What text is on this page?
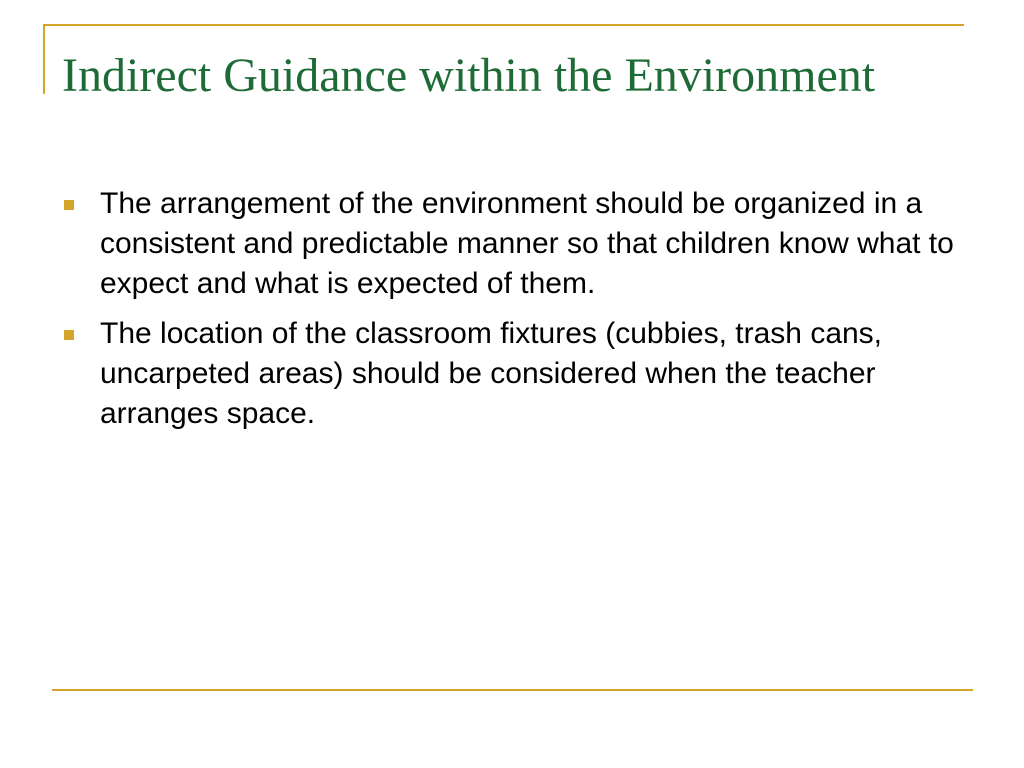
Indirect Guidance within the Environment
The arrangement of the environment should be organized in a consistent and predictable manner so that children know what to expect and what is expected of them.
The location of the classroom fixtures (cubbies, trash cans, uncarpeted areas) should be considered when the teacher arranges space.
